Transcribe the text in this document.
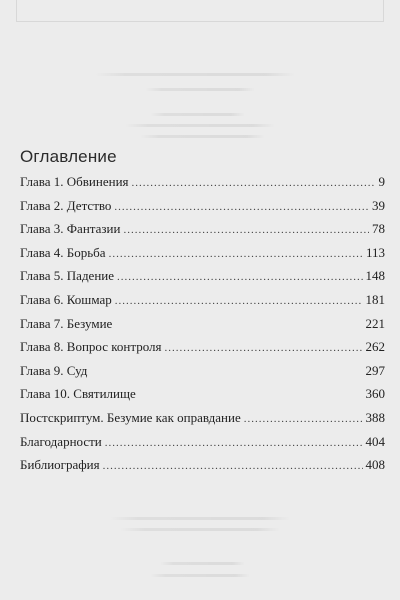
Оглавление
Глава 1. Обвинения .....	9
Глава 2. Детство .....	39
Глава 3. Фантазии .....	78
Глава 4. Борьба .....	113
Глава 5. Падение .....	148
Глава 6. Кошмар .....	181
Глава 7. Безумие	221
Глава 8. Вопрос контроля .....	262
Глава 9. Суд	297
Глава 10. Святилище	360
Постскриптум. Безумие как оправдание .....	388
Благодарности .....	404
Библиография .....	408
